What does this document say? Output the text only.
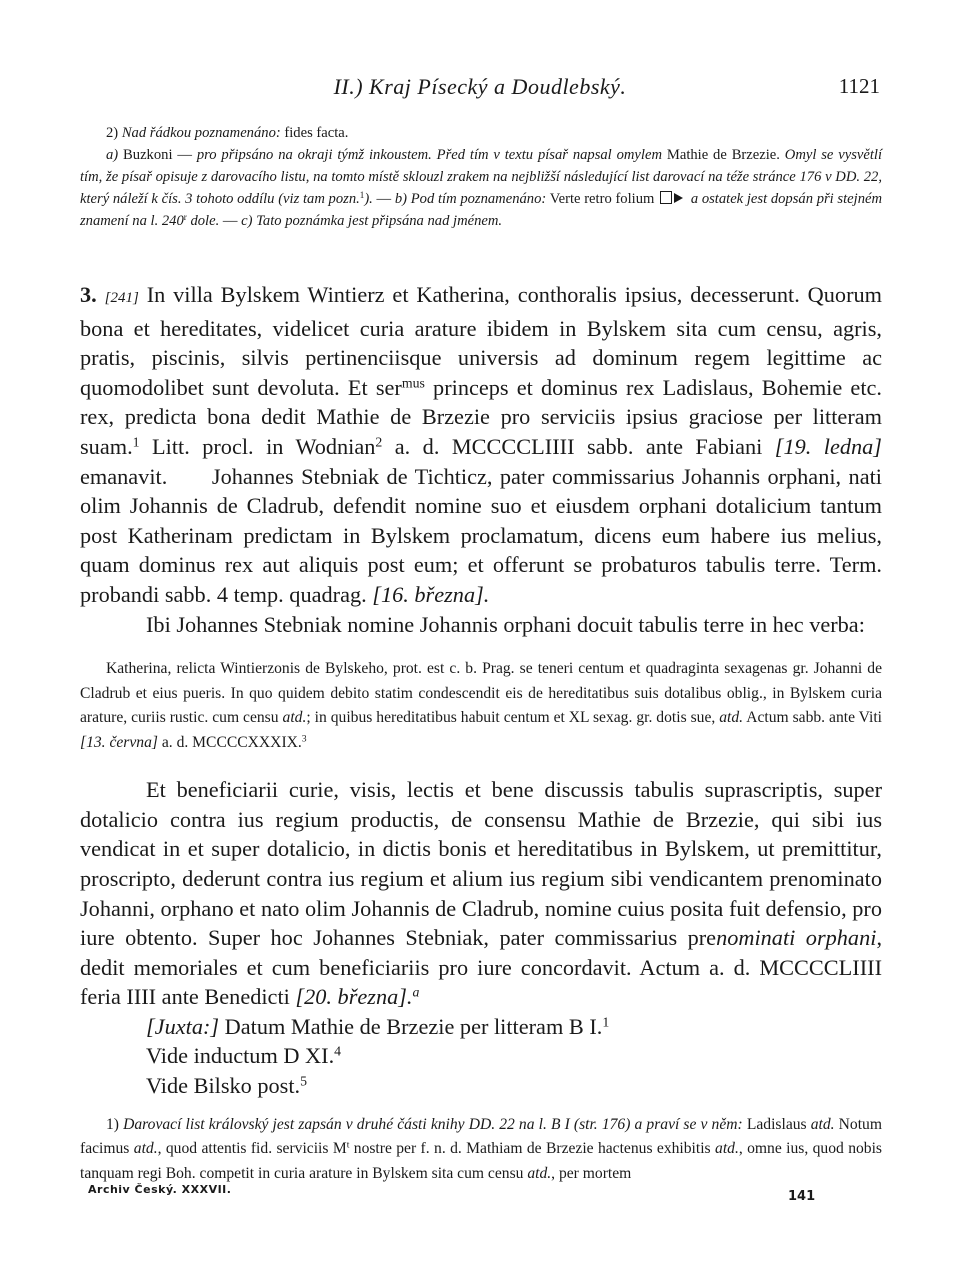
II.) Kraj Písecký a Doudlebský.	1121

2) Nad řádkou poznamenáno: fides facta.

a) Buzkoni — pro připsáno na okraji týmž inkoustem. Před tím v textu písař napsal omylem Mathie de Brzezie. Omyl se vysvětlí tím, že písař opisuje z darovacího listu, na tomto místě sklouzl zrakem na nejbližší následující list darovací na téže stránce 176 v DD. 22, který náleží k čís. 3 tohoto oddílu (viz tam pozn.$^1$). — b) Pod tím poznamenáno: Verte retro folium a ostatek jest dopsán při stejném znamení na l. 240$^r$ dole. — c) Tato poznámka jest připsána nad jménem.

3. [241] In villa Bylskem Wintierz et Katherina, conthoralis ipsius, decesserunt. Quorum bona et hereditates, videlicet curia arature ibidem in Bylskem sita cum censu, agris, pratis, piscinis, silvis pertinenciisque universis ad dominum regem legittime ac quomodolibet sunt devoluta. Et ser$^{mus}$ princeps et dominus rex Ladislaus, Bohemie etc. rex, predicta bona dedit Mathie de Brzezie pro serviciis ipsius graciose per litteram suam.$^1$ Litt. procl. in Wodnian$^2$ a. d. MCCCCLIIII sabb. ante Fabiani [19. ledna] emanavit. Johannes Stebniak de Tichticz, pater commissarius Johannis orphani, nati olim Johannis de Cladrub, defendit nomine suo et eiusdem orphani dotalicium tantum post Katherinam predictam in Bylskem proclamatum, dicens eum habere ius melius, quam dominus rex aut aliquis post eum; et offerunt se probaturos tabulis terre. Term. probandi sabb. 4 temp. quadrag. [16. března].

Ibi Johannes Stebniak nomine Johannis orphani docuit tabulis terre in hec verba:

Katherina, relicta Wintierzonis de Bylskeho, prot. est c. b. Prag. se teneri centum et quadraginta sexagenas gr. Johanni de Cladrub et eius pueris. In quo quidem debito statim condescendit eis de hereditatibus suis dotalibus oblig., in Bylskem curia arature, curiis rustic. cum censu atd.; in quibus hereditatibus habuit centum et XL sexag. gr. dotis sue, atd. Actum sabb. ante Viti [13. června] a. d. MCCCCXXXIX.$^3$

Et beneficiarii curie, visis, lectis et bene discussis tabulis suprascriptis, super dotalicio contra ius regium productis, de consensu Mathie de Brzezie, qui sibi ius vendicat in et super dotalicio, in dictis bonis et hereditatibus in Bylskem, ut premittitur, proscripto, dederunt contra ius regium et alium ius regium sibi vendicantem prenominato Johanni, orphano et nato olim Johannis de Cladrub, nomine cuius posita fuit defensio, pro iure obtento. Super hoc Johannes Stebniak, pater commissarius prenominati orphani, dedit memoriales et cum beneficiariis pro iure concordavit. Actum a. d. MCCCCLIIII feria IIII ante Benedicti [20. března].$^a$

[Juxta:] Datum Mathie de Brzezie per litteram B I.$^1$

Vide inductum D XI.$^4$

Vide Bilsko post.$^5$

1) Darovací list královský jest zapsán v druhé části knihy DD. 22 na l. B I (str. 176) a praví se v něm: Ladislaus atd. Notum facimus atd., quod attentis fid. serviciis $M^t$ nostre per f. n. d. Mathiam de Brzezie hactenus exhibitis atd., omne ius, quod nobis tanquam regi Boh. competit in curia arature in Bylskem sita cum censu atd., per mortem

Archiv Český. XXXVII.	141
